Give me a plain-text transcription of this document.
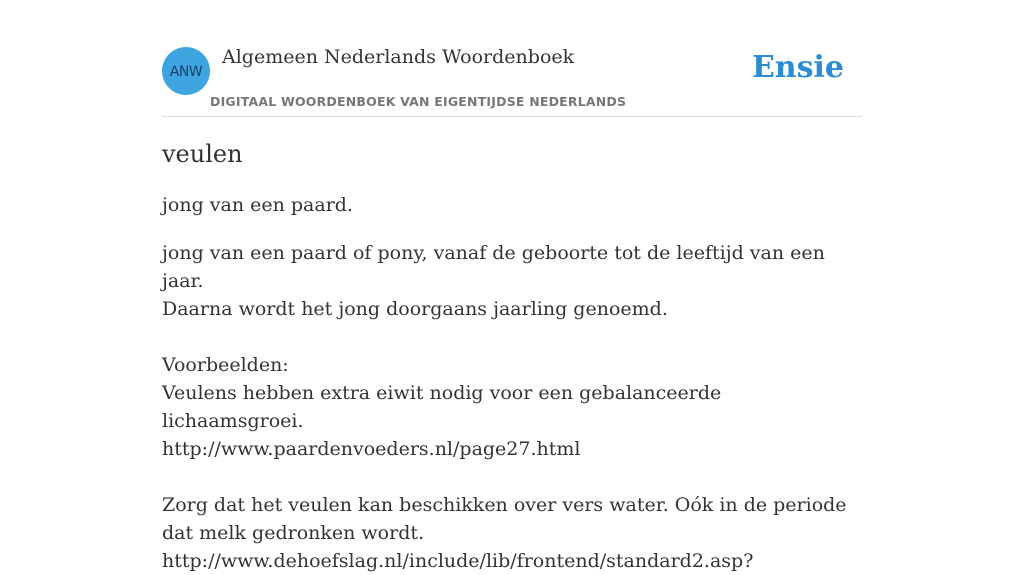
ANW
Algemeen Nederlands Woordenboek
DIGITAAL WOORDENBOEK VAN EIGENTIJDSE NEDERLANDS
Ensie
veulen
jong van een paard.

jong van een paard of pony, vanaf de geboorte tot de leeftijd van een jaar.

Daarna wordt het jong doorgaans jaarling genoemd.

Voorbeelden:

Veulens hebben extra eiwit nodig voor een gebalanceerde lichaamsgroei.

http://www.paardenvoeders.nl/page27.html

Zorg dat het veulen kan beschikken over vers water. Oók in de periode dat melk gedronken wordt.

http://www.dehoefslag.nl/include/lib/frontend/standard2.asp?
